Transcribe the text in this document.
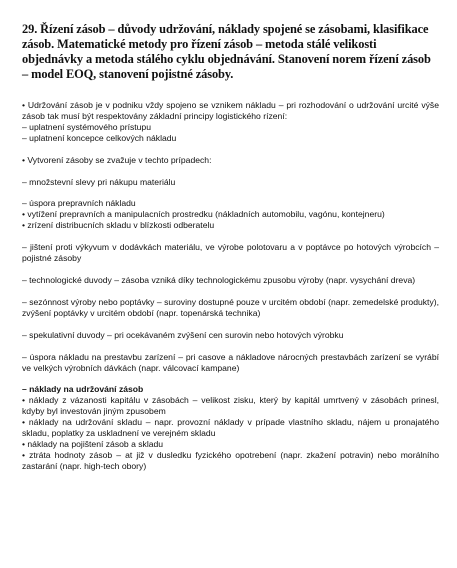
29. Řízení zásob – důvody udržování, náklady spojené se zásobami, klasifikace zásob. Matematické metody pro řízení zásob – metoda stálé velikosti objednávky a metoda stálého cyklu objednávání. Stanovení norem řízení zásob – model EOQ, stanovení pojistné zásoby.

• Udržování zásob je v podniku vždy spojeno se vznikem nákladu – pri rozhodování o udržování urcité výše zásob tak musí být respektovány základní principy logistického rízení:

– uplatnení systémového prístupu

– uplatnení koncepce celkových nákladu

• Vytvorení zásoby se zvažuje v techto prípadech:

– množstevní slevy pri nákupu materiálu

– úspora prepravních nákladu

• vytížení prepravních a manipulacních prostredku (nákladních automobilu, vagónu, kontejneru)

• zrízení distribucních skladu v blízkosti odberatelu

– jištení proti výkyvum v dodávkách materiálu, ve výrobe polotovaru a v poptávce po hotových výrobcích – pojistné zásoby

– technologické duvody – zásoba vzniká díky technologickému zpusobu výroby (napr. vysychání dreva)

– sezónnost výroby nebo poptávky – suroviny dostupné pouze v urcitém období (napr. zemedelské produkty), zvýšení poptávky v urcitém období (napr. topenárská technika)

– spekulativní duvody – pri ocekávaném zvýšení cen surovin nebo hotových výrobku

– úspora nákladu na prestavbu zarízení – pri casove a nákladove nárocných prestavbách zarízení se vyrábí ve velkých výrobních dávkách (napr. válcovací kampane)

– náklady na udržování zásob

• náklady z vázanosti kapitálu v zásobách – velikost zisku, který by kapitál umrtvený v zásobách prinesl, kdyby byl investován jiným zpusobem

• náklady na udržování skladu – napr. provozní náklady v prípade vlastního skladu, nájem u pronajatého skladu, poplatky za uskladnení ve verejném skladu

• náklady na pojištení zásob a skladu

• ztráta hodnoty zásob – at již v dusledku fyzického opotrebení (napr. zkažení potravin) nebo morálního zastarání (napr. high-tech obory)
